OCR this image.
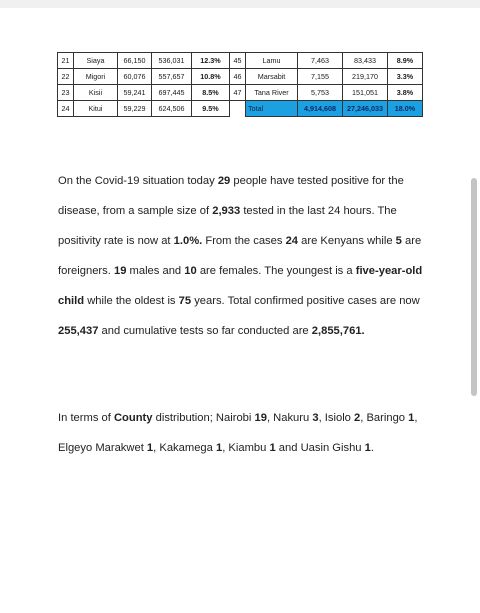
21	Siaya	66,150	536,031	12.3%	45	Lamu	7,463	83,433	8.9%
22	Migori	60,076	557,657	10.8%	46	Marsabit	7,155	219,170	3.3%
23	Kisii	59,241	697,445	8.5%	47	Tana River	5,753	151,051	3.8%
24	Kitui	59,229	624,506	9.5%		Total	4,914,608	27,246,033	18.0%

On the Covid-19 situation today 29 people have tested positive for the disease, from a sample size of 2,933 tested in the last 24 hours. The positivity rate is now at 1.0%. From the cases 24 are Kenyans while 5 are foreigners. 19 males and 10 are females. The youngest is a five-year-old child while the oldest is 75 years. Total confirmed positive cases are now 255,437 and cumulative tests so far conducted are 2,855,761.

In terms of County distribution; Nairobi 19, Nakuru 3, Isiolo 2, Baringo 1, Elgeyo Marakwet 1, Kakamega 1, Kiambu 1 and Uasin Gishu 1.
